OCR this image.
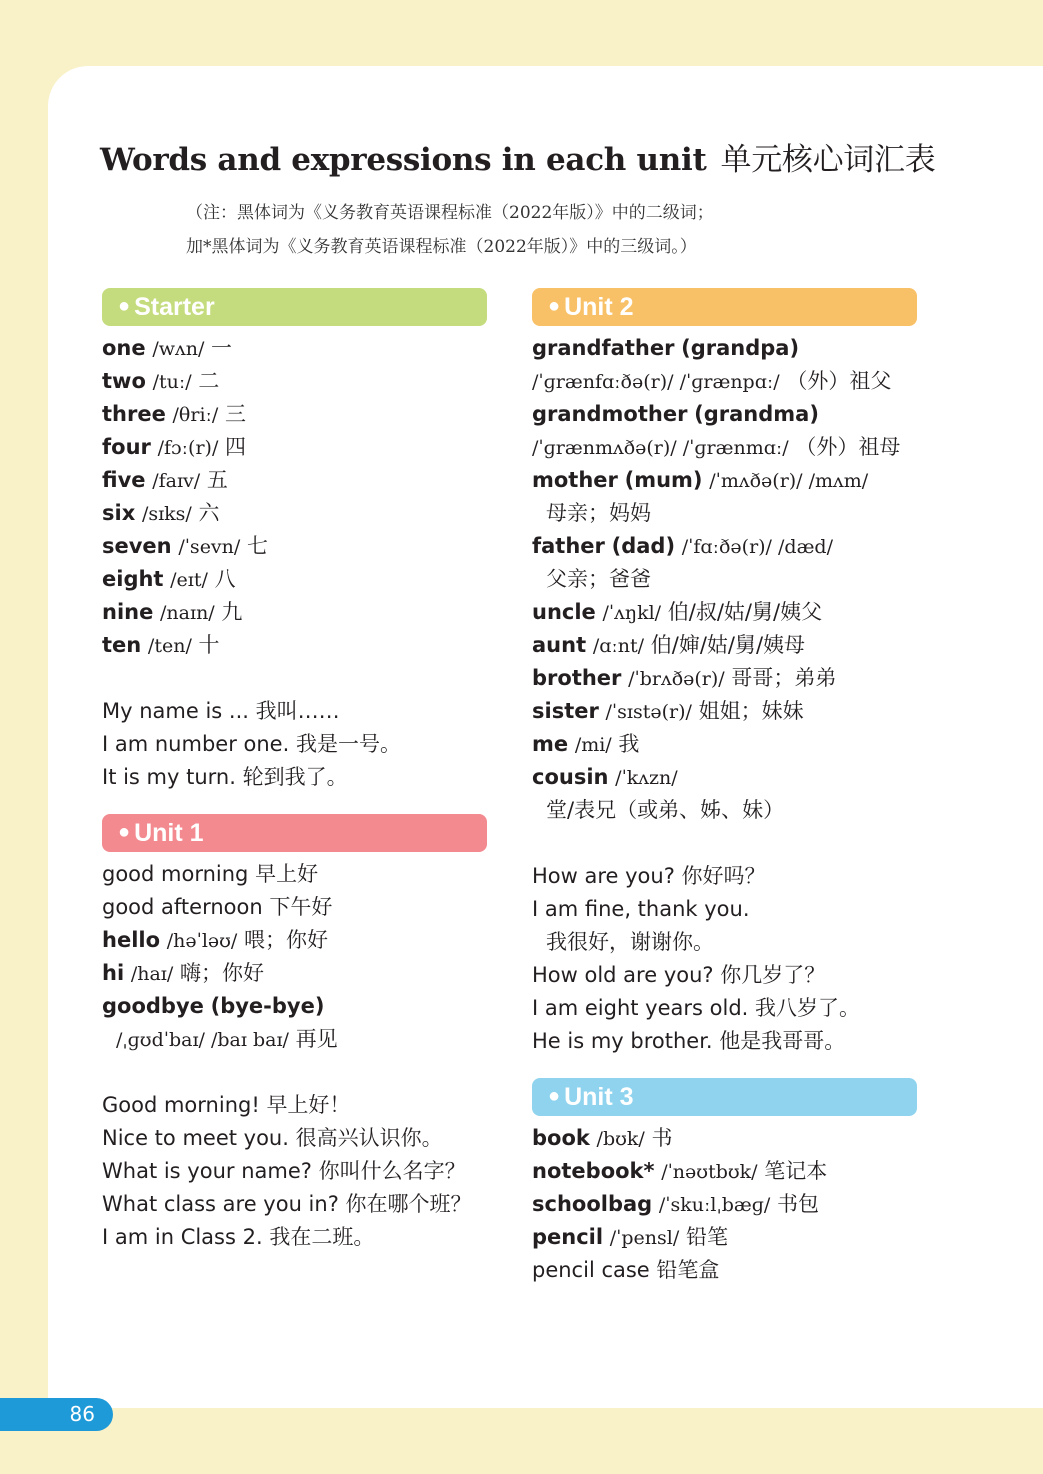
Words and expressions in each unit 单元核心词汇表
（注：黑体词为《义务教育英语课程标准（2022年版）》中的二级词；
加*黑体词为《义务教育英语课程标准（2022年版）》中的三级词。）
● Starter
one /wʌn/ 一
two /tuː/ 二
three /θriː/ 三
four /fɔː(r)/ 四
five /faɪv/ 五
six /sɪks/ 六
seven /ˈsevn/ 七
eight /eɪt/ 八
nine /naɪn/ 九
ten /ten/ 十
My name is ... 我叫……
I am number one. 我是一号。
It is my turn. 轮到我了。
● Unit 1
good morning 早上好
good afternoon 下午好
hello /həˈləʊ/ 喂；你好
hi /haɪ/ 嗨；你好
goodbye (bye-bye)
/ˌɡʊdˈbaɪ/ /baɪ baɪ/ 再见
Good morning! 早上好！
Nice to meet you. 很高兴认识你。
What is your name? 你叫什么名字？
What class are you in? 你在哪个班？
I am in Class 2. 我在二班。
● Unit 2
grandfather (grandpa)
/ˈɡrænfɑːðə(r)/ /ˈɡrænpɑː/ （外）祖父
grandmother (grandma)
/ˈɡrænmʌðə(r)/ /ˈɡrænmɑː/ （外）祖母
mother (mum) /ˈmʌðə(r)/ /mʌm/
母亲；妈妈
father (dad) /ˈfɑːðə(r)/ /dæd/
父亲；爸爸
uncle /ˈʌŋkl/ 伯/叔/姑/舅/姨父
aunt /ɑːnt/ 伯/婶/姑/舅/姨母
brother /ˈbrʌðə(r)/ 哥哥；弟弟
sister /ˈsɪstə(r)/ 姐姐；妹妹
me /mi/ 我
cousin /ˈkʌzn/
堂/表兄（或弟、姊、妹）
How are you? 你好吗？
I am fine, thank you.
我很好，谢谢你。
How old are you? 你几岁了？
I am eight years old. 我八岁了。
He is my brother. 他是我哥哥。
● Unit 3
book /bʊk/ 书
notebook* /ˈnəʊtbʊk/ 笔记本
schoolbag /ˈskuːlˌbæɡ/ 书包
pencil /ˈpensl/ 铅笔
pencil case 铅笔盒
86
